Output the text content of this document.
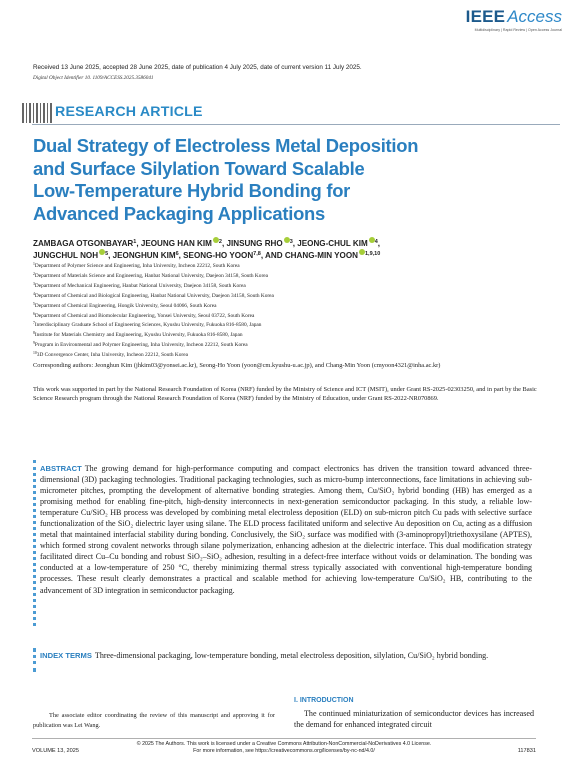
IEEE Access
Multidisciplinary | Rapid Review | Open Access Journal
Received 13 June 2025, accepted 28 June 2025, date of publication 4 July 2025, date of current version 11 July 2025.
Digital Object Identifier 10. 1109/ACCESS.2025.3586041
RESEARCH ARTICLE
Dual Strategy of Electroless Metal Deposition
and Surface Silylation Toward Scalable
Low-Temperature Hybrid Bonding for
Advanced Packaging Applications
ZAMBAGA OTGONBAYAR$^1$, JEOUNG HAN KIM $^2$, JINSUNG RHO $^3$, JEONG-CHUL KIM $^4$,
JUNGCHUL NOH $^5$, JEONGHUN KIM$^6$, SEONG-HO YOON$^{7,8}$, AND CHANG-MIN YOON $^{1,9,10}$
$^1$Department of Polymer Science and Engineering, Inha University, Incheon 22212, South Korea
$^2$Department of Materials Science and Engineering, Hanbat National University, Daejeon 34158, South Korea
$^3$Department of Mechanical Engineering, Hanbat National University, Daejeon 34158, South Korea
$^4$Department of Chemical and Biological Engineering, Hanbat National University, Daejeon 34158, South Korea
$^5$Department of Chemical Engineering, Hongik University, Seoul 04066, South Korea
$^6$Department of Chemical and Biomolecular Engineering, Yonsei University, Seoul 03722, South Korea
$^7$Interdisciplinary Graduate School of Engineering Sciences, Kyushu University, Fukuoka 816-8580, Japan
$^8$Institute for Materials Chemistry and Engineering, Kyushu University, Fukuoka 816-8580, Japan
$^9$Program in Environmental and Polymer Engineering, Inha University, Incheon 22212, South Korea
$^{10}$3D Convergence Center, Inha University, Incheon 22212, South Korea
Corresponding authors: Jeonghun Kim (jhkim03@yonsei.ac.kr), Seong-Ho Yoon (yoon@cm.kyushu-u.ac.jp), and Chang-Min Yoon (cmyoon4321@inha.ac.kr)
This work was supported in part by the National Research Foundation of Korea (NRF) funded by the Ministry of Science and ICT (MSIT), under Grant RS-2025-02303250, and in part by the Basic Science Research program through the National Research Foundation of Korea (NRF) funded by the Ministry of Education, under Grant RS-2022-NR070869.
ABSTRACT The growing demand for high-performance computing and compact electronics has driven the transition toward advanced three-dimensional (3D) packaging technologies. Traditional packaging technologies, such as micro-bump interconnections, face limitations in achieving sub-micrometer pitches, prompting the development of alternative bonding strategies. Among them, Cu/SiO₂ hybrid bonding (HB) has emerged as a promising method for enabling fine-pitch, high-density interconnects in next-generation semiconductor packaging. In this study, a reliable low-temperature Cu/SiO₂ HB process was developed by combining metal electroless deposition (ELD) on sub-micron pitch Cu pads with selective surface functionalization of the SiO₂ dielectric layer using silane. The ELD process facilitated uniform and selective Au deposition on Cu, acting as a diffusion metal that maintained interfacial stability during bonding. Conclusively, the SiO₂ surface was modified with (3-aminopropyl)triethoxysilane (APTES), which formed strong covalent networks through silane polymerization, enhancing adhesion at the dielectric interface. This dual modification strategy facilitated direct Cu–Cu bonding and robust SiO₂–SiO₂ adhesion, resulting in a defect-free interface without voids or delamination. The bonding was conducted at a low-temperature of 250 °C, thereby minimizing thermal stress typically associated with conventional high-temperature bonding processes. These result clearly demonstrates a practical and scalable method for achieving low-temperature Cu/SiO₂ HB, contributing to the advancement of 3D integration in semiconductor packaging.
INDEX TERMS Three-dimensional packaging, low-temperature bonding, metal electroless deposition, silylation, Cu/SiO₂ hybrid bonding.
The associate editor coordinating the review of this manuscript and approving it for publication was Lei Wang.
I. INTRODUCTION
The continued miniaturization of semiconductor devices has increased the demand for enhanced integrated circuit
© 2025 The Authors. This work is licensed under a Creative Commons Attribution-NonCommercial-NoDerivatives 4.0 License.
For more information, see https://creativecommons.org/licenses/by-nc-nd/4.0/
VOLUME 13, 2025	117831
